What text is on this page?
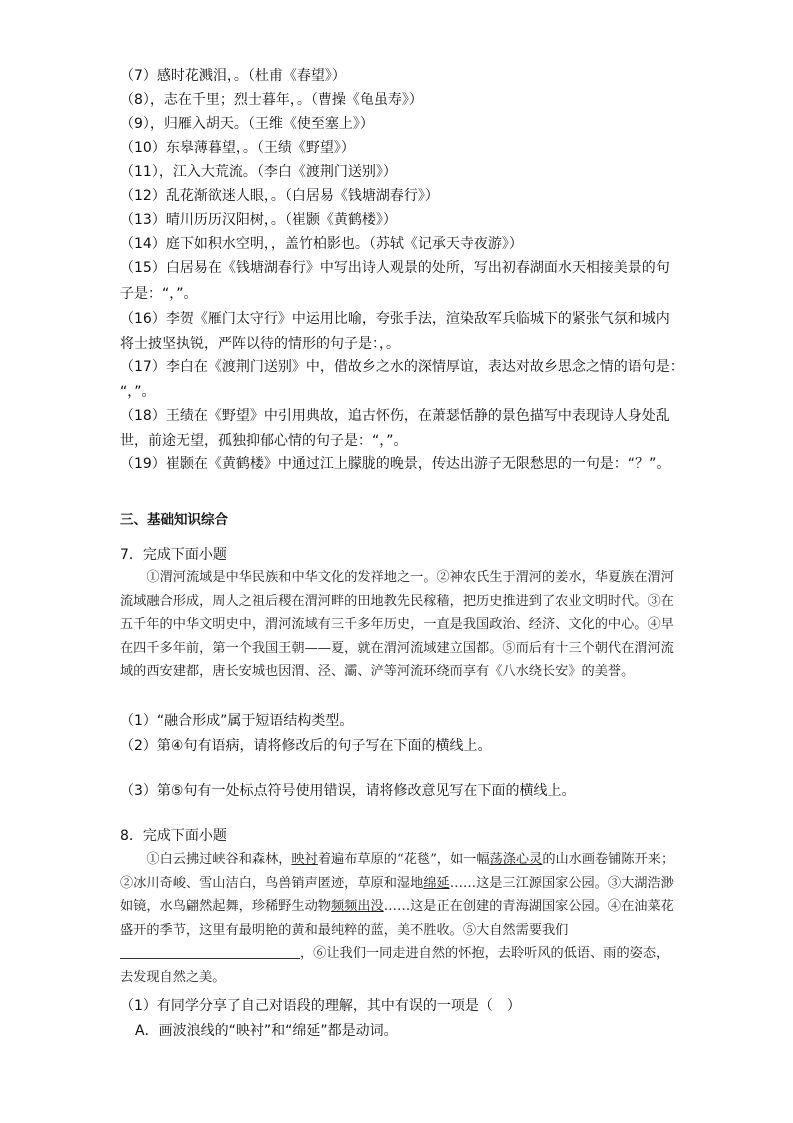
（7）感时花溅泪，。（杜甫《春望》）
（8），志在千里；烈士暮年，。（曹操《龟虽寿》）
（9），归雁入胡天。（王维《使至塞上》）
（10）东皋薄暮望，。（王绩《野望》）
（11），江入大荒流。（李白《渡荆门送别》）
（12）乱花渐欲迷人眼，。（白居易《钱塘湖春行》）
（13）晴川历历汉阳树，。（崔颢《黄鹤楼》）
（14）庭下如积水空明，，盖竹柏影也。（苏轼《记承天寺夜游》）
（15）白居易在《钱塘湖春行》中写出诗人观景的处所，写出初春湖面水天相接美景的句
子是：“，”。
（16）李贺《雁门太守行》中运用比喻，夸张手法，渲染敌军兵临城下的紧张气氛和城内
将士披坚执锐，严阵以待的情形的句子是：，。
（17）李白在《渡荆门送别》中，借故乡之水的深情厚谊，表达对故乡思念之情的语句是：
“，”。
（18）王绩在《野望》中引用典故，追古怀伤，在萧瑟恬静的景色描写中表现诗人身处乱
世，前途无望，孤独抑郁心情的句子是：“，”。
（19）崔颢在《黄鹤楼》中通过江上朦胧的晚景，传达出游子无限愁思的一句是：“？”。
三、基础知识综合
7．完成下面小题

①渭河流域是中华民族和中华文化的发祥地之一。②神农氏生于渭河的姜水，华夏族在渭河流域融合形成，周人之祖后稷在渭河畔的田地教先民稼穑，把历史推进到了农业文明时代。③在五千年的中华文明史中，渭河流域有三千多年历史，一直是我国政治、经济、文化的中心。④早在四千多年前，第一个我国王朝——夏，就在渭河流域建立国都。⑤而后有十三个朝代在渭河流域的西安建都，唐长安城也因渭、泾、灞、浐等河流环绕而享有《八水绕长安》的美誉。

（1）“融合形成”属于短语结构类型。
（2）第④句有语病，请将修改后的句子写在下面的横线上。
（3）第⑤句有一处标点符号使用错误，请将修改意见写在下面的横线上。
8．完成下面小题

①白云拂过峡谷和森林，映衬着遍布草原的“花毯”，如一幅荡涤心灵的山水画卷铺陈开来；②冰川奇峻、雪山洁白，鸟兽销声匿迹，草原和湿地绵延……这是三江源国家公园。③大湖浩渺如镜，水鸟翩然起舞，珍稀野生动物频频出没……这是正在创建的青海湖国家公园。④在油菜花盛开的季节，这里有最明艳的黄和最纯粹的蓝，美不胜收。⑤大自然需要我们，⑥让我们一同走进自然的怀抱，去聆听风的低语、雨的姿态，去发现自然之美。

（1）有同学分享了自己对语段的理解，其中有误的一项是（　）
A．画波浪线的“映衬”和“绵延”都是动词。
